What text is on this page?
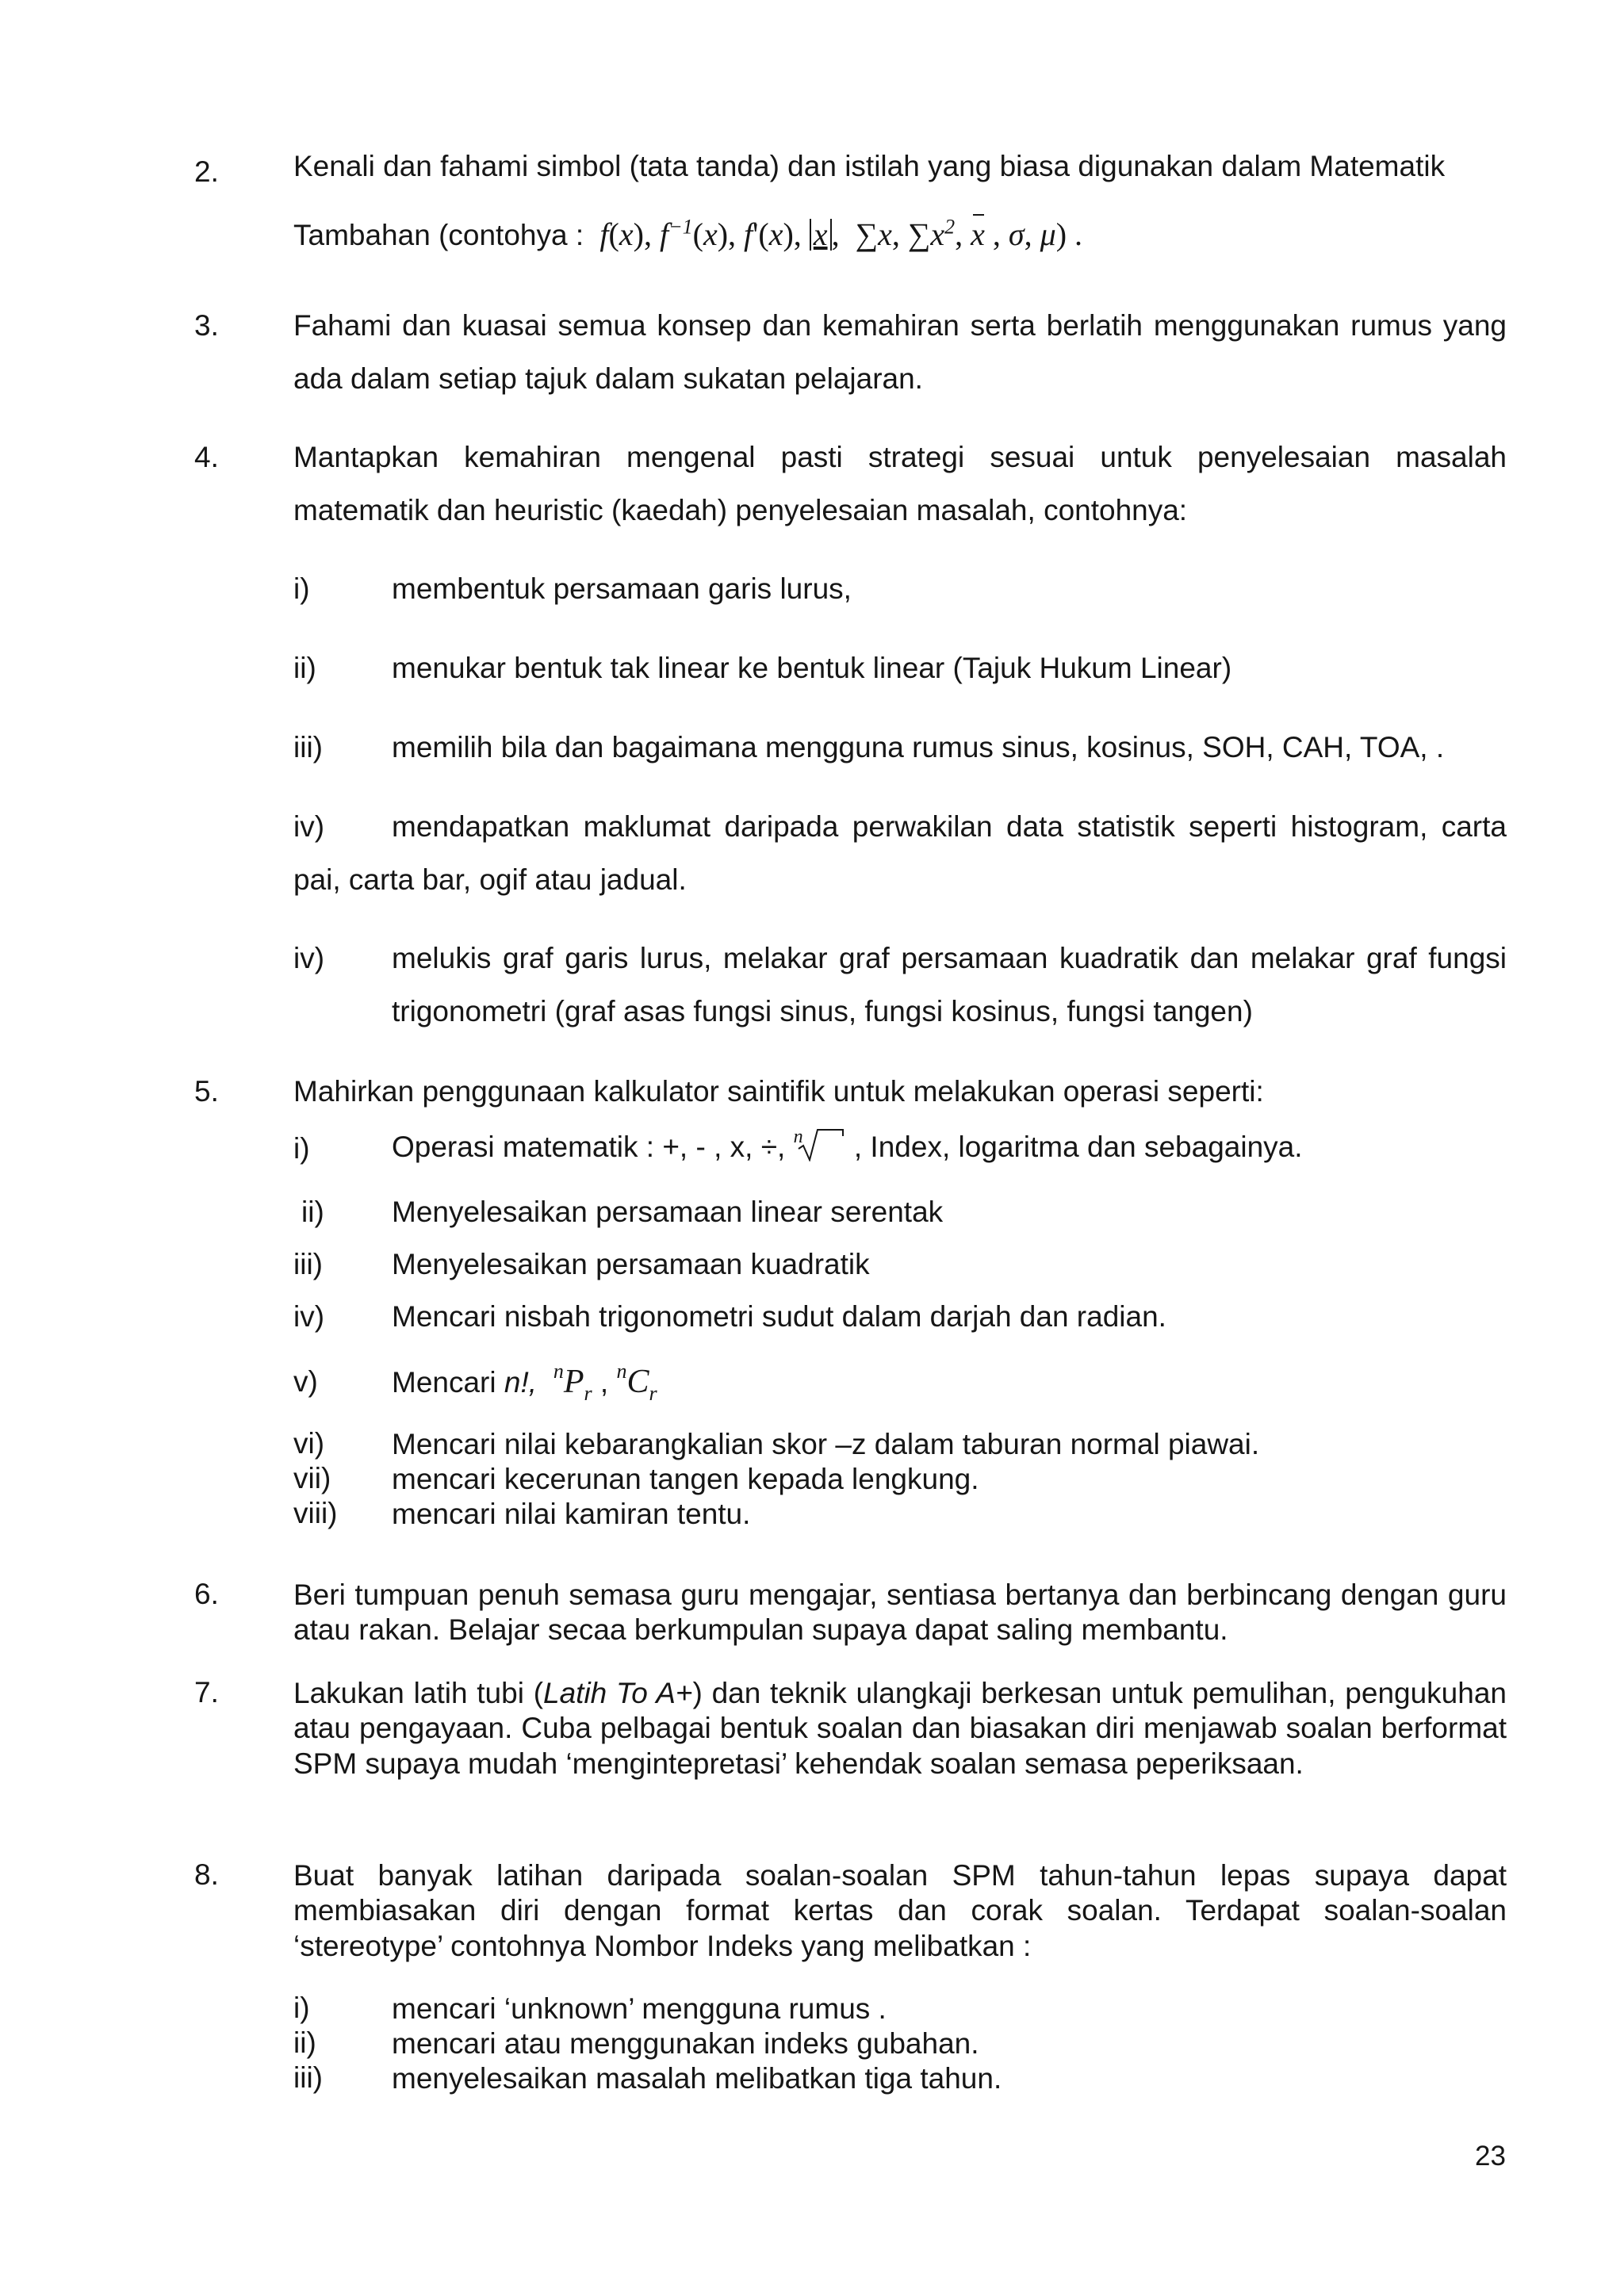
2.	Kenali dan fahami simbol (tata tanda) dan istilah yang biasa digunakan dalam Matematik
Tambahan (contohya :  f(x), $f^{-1}(x)$, f'(x), x , ∑x, $\sum x^2$, x , σ, μ) .
3.	Fahami dan kuasai semua konsep dan kemahiran serta berlatih menggunakan rumus yang ada dalam setiap tajuk dalam sukatan pelajaran.
4.	Mantapkan kemahiran mengenal pasti strategi sesuai untuk penyelesaian masalah matematik dan heuristic (kaedah) penyelesaian masalah, contohnya:
i)	membentuk persamaan garis lurus,
ii)	menukar bentuk tak linear ke bentuk linear (Tajuk Hukum Linear)
iii) memilih bila dan bagaimana mengguna rumus sinus, kosinus, SOH, CAH, TOA, .
iv) mendapatkan maklumat daripada perwakilan data statistik seperti histogram, carta pai, carta bar, ogif atau jadual.
iv) melukis graf garis lurus, melakar graf persamaan kuadratik dan melakar graf fungsi trigonometri (graf asas fungsi sinus, fungsi kosinus, fungsi tangen)
5.	Mahirkan penggunaan kalkulator saintifik untuk melakukan operasi seperti:
i)	Operasi matematik : +, - , x, ÷, n , Index, logaritma dan sebagainya.
ii) Menyelesaikan persamaan linear serentak
iii) Menyelesaikan persamaan kuadratik
iv) Mencari nisbah trigonometri sudut dalam darjah dan radian.
v)	Mencari n!, $^nP_r$ , $^nC_r$
vi) Mencari nilai kebarangkalian skor –z dalam taburan normal piawai.
vii) mencari kecerunan tangen kepada lengkung.
viii) mencari nilai kamiran tentu.
6.	Beri tumpuan penuh semasa guru mengajar, sentiasa bertanya dan berbincang dengan guru atau rakan. Belajar secaa berkumpulan supaya dapat saling membantu.
7.	Lakukan latih tubi (Latih To A+) dan teknik ulangkaji berkesan untuk pemulihan, pengukuhan atau pengayaan. Cuba pelbagai bentuk soalan dan biasakan diri menjawab soalan berformat SPM supaya mudah ‘mengintepretasi’ kehendak soalan semasa peperiksaan.
8.	Buat banyak latihan daripada soalan-soalan SPM tahun-tahun lepas supaya dapat membiasakan diri dengan format kertas dan corak soalan. Terdapat soalan-soalan ‘stereotype’ contohnya Nombor Indeks yang melibatkan :
i)	mencari ‘unknown’ mengguna rumus .
ii)	mencari atau menggunakan indeks gubahan.
iii) menyelesaikan masalah melibatkan tiga tahun.
23
